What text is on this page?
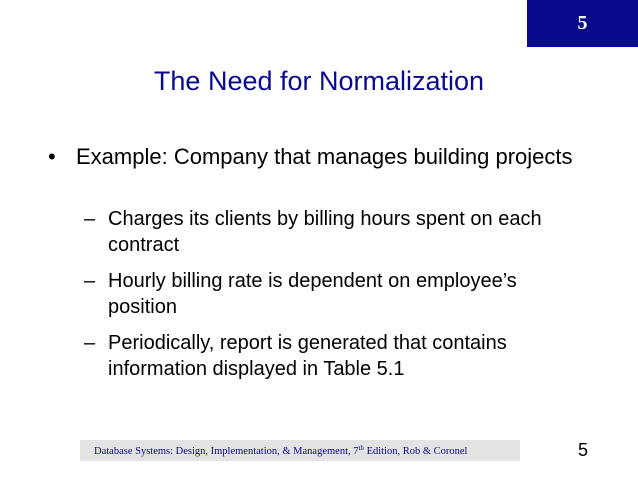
5
The Need for Normalization
• Example: Company that manages building projects
– Charges its clients by billing hours spent on each contract
– Hourly billing rate is dependent on employee’s position
– Periodically, report is generated that contains information displayed in Table 5.1
Database Systems: Design, Implementation, & Management, 7th Edition, Rob & Coronel	5
